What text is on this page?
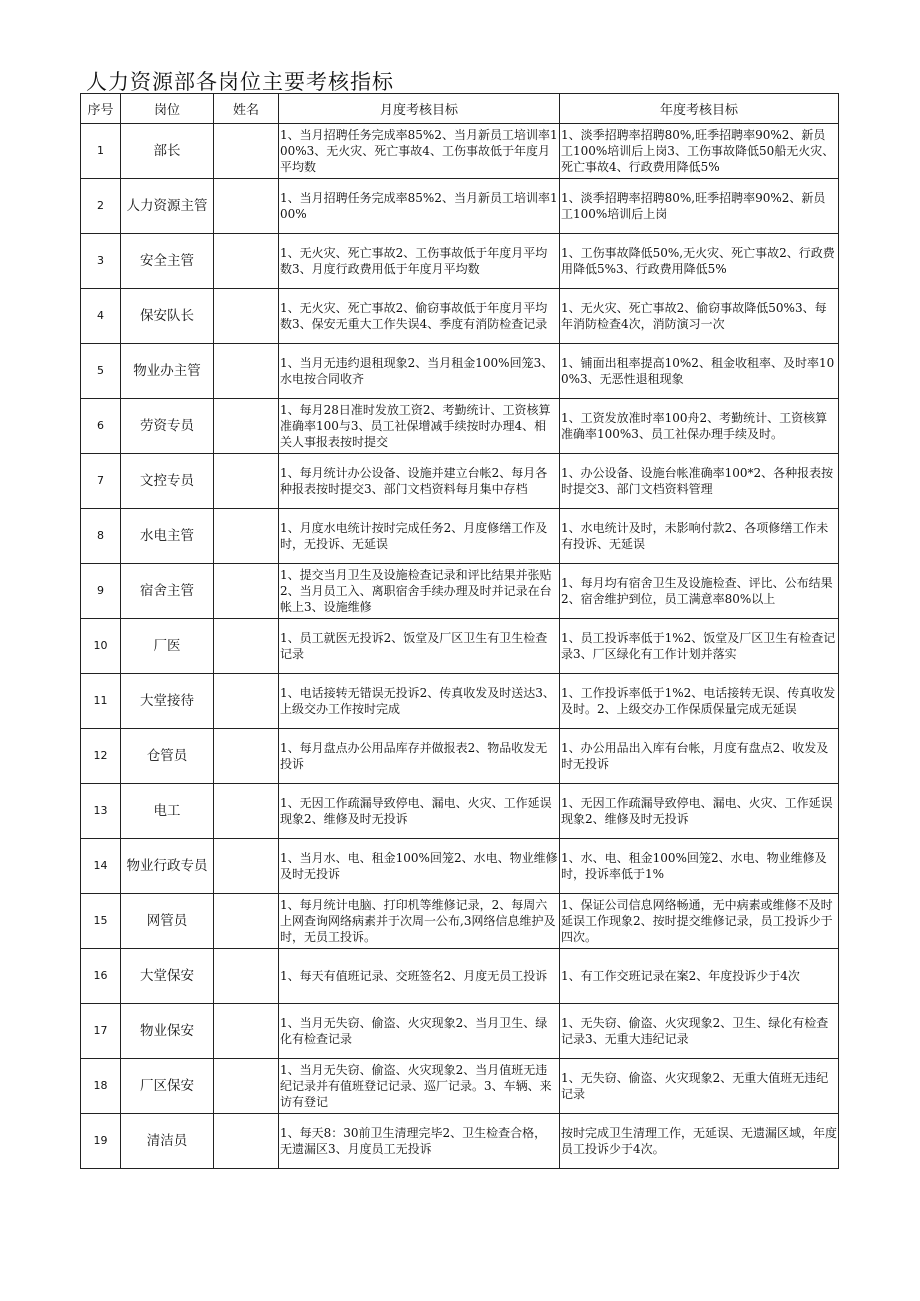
人力资源部各岗位主要考核指标
序号	岗位	姓名	月度考核目标	年度考核目标
1	部长		1、当月招聘任务完成率85%2、当月新员工培训率100%3、无火灾、死亡事故4、工伤事故低于年度月平均数	1、淡季招聘率招聘80%,旺季招聘率90%2、新员工100%培训后上岗3、工伤事故降低50船无火灾、死亡事故4、行政费用降低5%
2	人力资源主管		1、当月招聘任务完成率85%2、当月新员工培训率100%	1、淡季招聘率招聘80%,旺季招聘率90%2、新员工100%培训后上岗
3	安全主管		1、无火灾、死亡事故2、工伤事故低于年度月平均数3、月度行政费用低于年度月平均数	1、工伤事故降低50%,无火灾、死亡事故2、行政费用降低5%3、行政费用降低5%
4	保安队长		1、无火灾、死亡事故2、偷窃事故低于年度月平均数3、保安无重大工作失误4、季度有消防检查记录	1、无火灾、死亡事故2、偷窃事故降低50%3、每年消防检查4次，消防演习一次
5	物业办主管		1、当月无违约退租现象2、当月租金100%回笼3、水电按合同收齐	1、铺面出租率提高10%2、租金收租率、及时率100%3、无恶性退租现象
6	劳资专员		1、每月28日准时发放工资2、考勤统计、工资核算准确率100与3、员工社保增减手续按时办理4、相关人事报表按时提交	1、工资发放准时率100舟2、考勤统计、工资核算准确率100%3、员工社保办理手续及时。
7	文控专员		1、每月统计办公设备、设施并建立台帐2、每月各种报表按时提交3、部门文档资料每月集中存档	1、办公设备、设施台帐准确率100*2、各种报表按时提交3、部门文档资料管理
8	水电主管		1、月度水电统计按时完成任务2、月度修缮工作及时，无投诉、无延误	1、水电统计及时，未影响付款2、各项修缮工作未有投诉、无延误
9	宿舍主管		1、提交当月卫生及设施检查记录和评比结果并张贴2、当月员工入、离职宿舍手续办理及时并记录在台帐上3、设施维修	1、每月均有宿舍卫生及设施检查、评比、公布结果2、宿舍维护到位，员工满意率80%以上
10	厂医		1、员工就医无投诉2、饭堂及厂区卫生有卫生检查记录	1、员工投诉率低于1%2、饭堂及厂区卫生有检查记录3、厂区绿化有工作计划并落实
11	大堂接待		1、电话接转无错误无投诉2、传真收发及时送达3、上级交办工作按时完成	1、工作投诉率低于1%2、电话接转无误、传真收发及时。2、上级交办工作保质保量完成无延误
12	仓管员		1、每月盘点办公用品库存并做报表2、物品收发无投诉	1、办公用品出入库有台帐，月度有盘点2、收发及时无投诉
13	电工		1、无因工作疏漏导致停电、漏电、火灾、工作延误现象2、维修及时无投诉	1、无因工作疏漏导致停电、漏电、火灾、工作延误现象2、维修及时无投诉
14	物业行政专员		1、当月水、电、租金100%回笼2、水电、物业维修及时无投诉	1、水、电、租金100%回笼2、水电、物业维修及时，投诉率低于1%
15	网管员		1、每月统计电脑、打印机等维修记录，2、每周六上网查询网络病素并于次周一公布,3网络信息维护及时，无员工投诉。	1、保证公司信息网络畅通，无中病素或维修不及时延误工作现象2、按时提交维修记录，员工投诉少于四次。
16	大堂保安		1、每天有值班记录、交班签名2、月度无员工投诉	1、有工作交班记录在案2、年度投诉少于4次
17	物业保安		1、当月无失窃、偷盗、火灾现象2、当月卫生、绿化有检查记录	1、无失窃、偷盗、火灾现象2、卫生、绿化有检查记录3、无重大违纪记录
18	厂区保安		1、当月无失窃、偷盗、火灾现象2、当月值班无违纪记录并有值班登记记录、巡厂记录。3、车辆、来访有登记	1、无失窃、偷盗、火灾现象2、无重大值班无违纪记录
19	清洁员		1、每天8：30前卫生清理完毕2、卫生检查合格，无遗漏区3、月度员工无投诉	按时完成卫生清理工作，无延误、无遗漏区域，年度员工投诉少于4次。
